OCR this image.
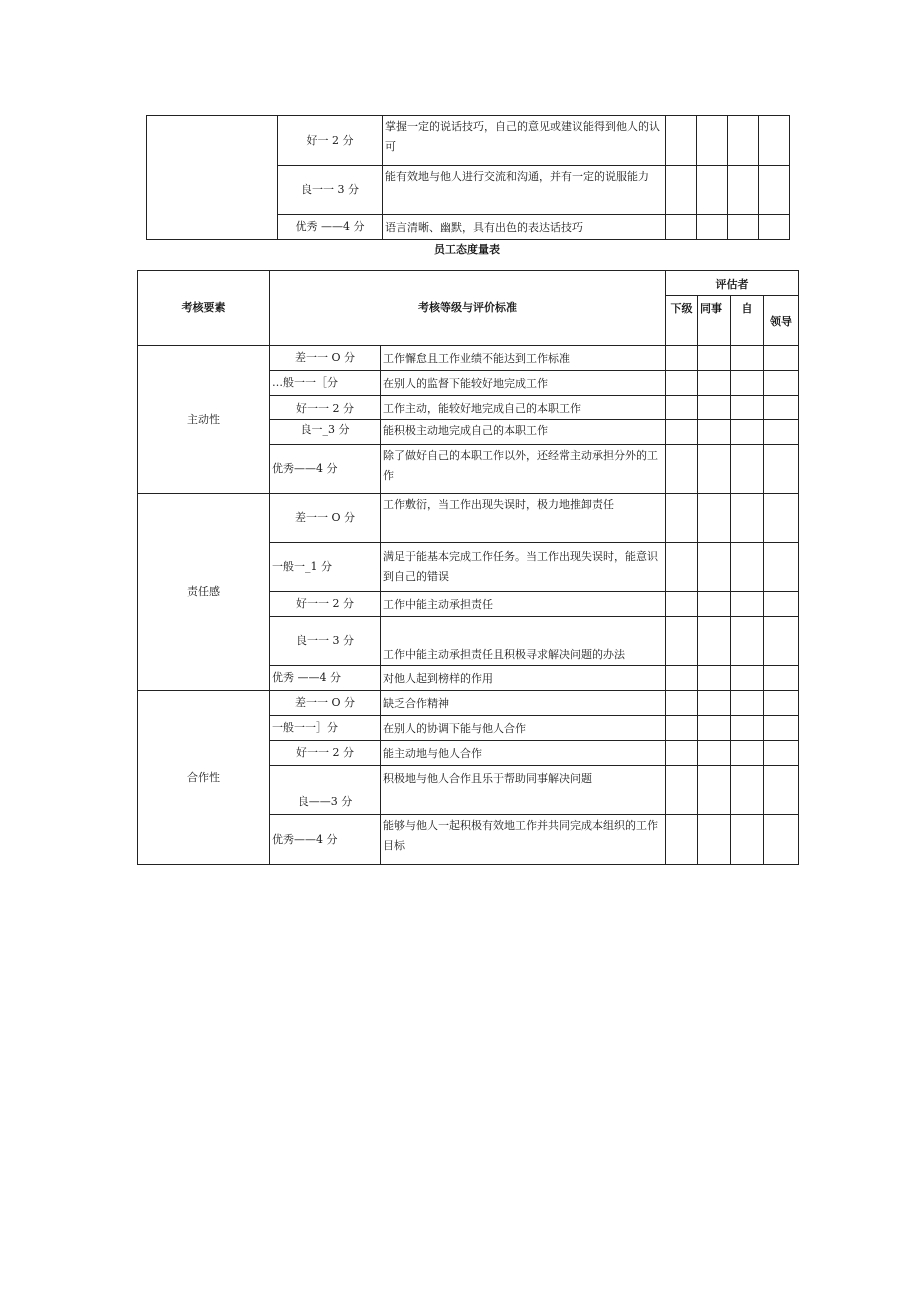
	好一 2 分	掌握一定的说话技巧，自己的意见或建议能得到他人的认可				
	良一一 3 分	能有效地与他人进行交流和沟通，并有一定的说服能力				
	优秀 ——4 分	语言清晰、幽默，具有出色的表达话技巧				
员工态度量表
考核要素	考核等级与评价标准		评估者			
			下级	同事	自	领导
主动性	差一一 O 分	工作懈怠且工作业绩不能达到工作标准				
	…般一一［分	在别人的监督下能较好地完成工作				
	好一一 2 分	工作主动，能较好地完成自己的本职工作				
	良一_3 分	能积极主动地完成自己的本职工作				
	优秀——4 分	除了做好自己的本职工作以外，还经常主动承担分外的工作				
责任感	差一一 O 分	工作敷衍，当工作出现失误时，极力地推卸责任				
	一般一_1 分	满足于能基本完成工作任务。当工作出现失误时，能意识到自己的错误				
	好一一 2 分	工作中能主动承担责任				
	良一一 3 分	工作中能主动承担责任且积极寻求解决问题的办法				
	优秀 ——4 分	对他人起到榜样的作用				
合作性	差一一 O 分	缺乏合作精神				
	一般一一］分	在别人的协调下能与他人合作				
	好一一 2 分	能主动地与他人合作				
	良——3 分	积极地与他人合作且乐于帮助同事解决问题				
	优秀——4 分	能够与他人一起积极有效地工作并共同完成本组织的工作目标				
